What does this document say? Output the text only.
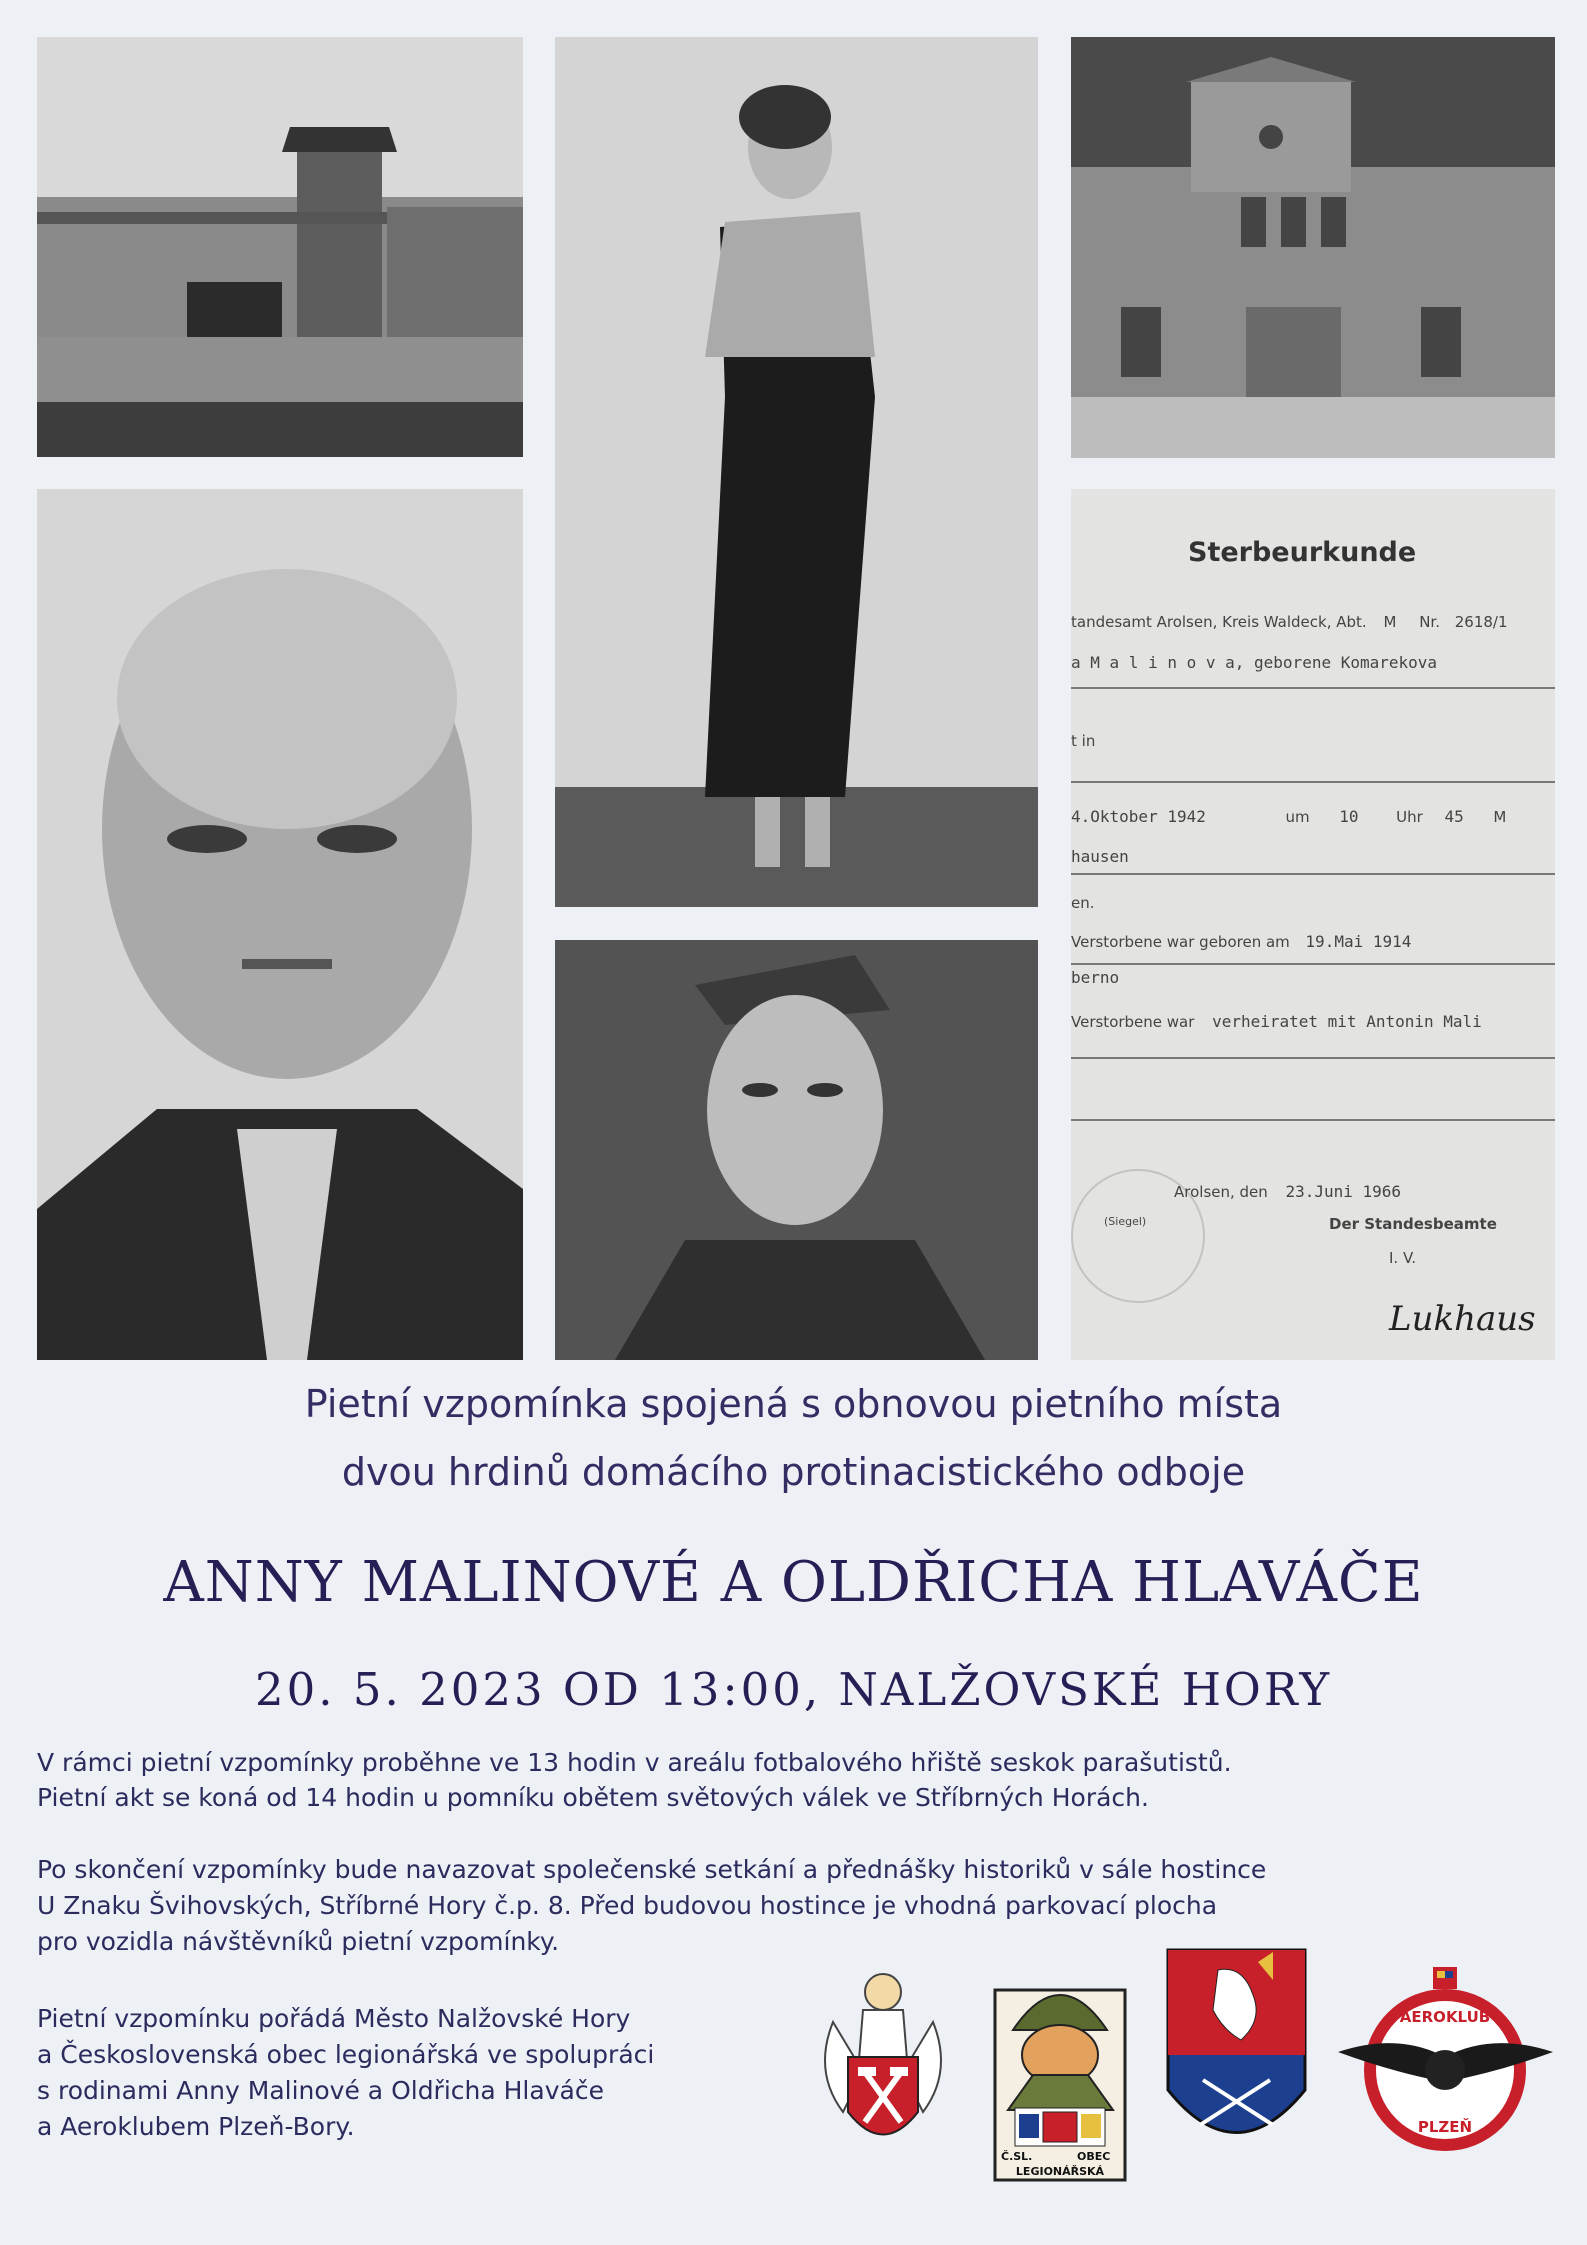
Sterbeurkunde
tandesamt Arolsen, Kreis Waldeck, Abt. M Nr. 2618/1
a M a l i n o v a, geborene Komarekova
t in
4.Oktober 1942	um 10	Uhr 45 M
hausen
en.
Verstorbene war geboren am 19.Mai 1914
berno
Verstorbene war verheiratet mit Antonin Mali
Arolsen, den 23.Juni 1966
(Siegel)	Der Standesbeamte
I. V.
Lukhaus
Pietní vzpomínka spojená s obnovou pietního místa
dvou hrdinů domácího protinacistického odboje
ANNY MALINOVÉ A OLDŘICHA HLAVÁČE
20. 5. 2023 OD 13:00, NALŽOVSKÉ HORY
V rámci pietní vzpomínky proběhne ve 13 hodin v areálu fotbalového hřiště seskok parašutistů.
Pietní akt se koná od 14 hodin u pomníku obětem světových válek ve Stříbrných Horách.
Po skončení vzpomínky bude navazovat společenské setkání a přednášky historiků v sále hostince
U Znaku Švihovských, Stříbrné Hory č.p. 8. Před budovou hostince je vhodná parkovací plocha
pro vozidla návštěvníků pietní vzpomínky.
Pietní vzpomínku pořádá Město Nalžovské Hory
a Československá obec legionářská ve spolupráci
s rodinami Anny Malinové a Oldřicha Hlaváče
a Aeroklubem Plzeň-Bory.
Č.SL.	OBEC
LEGIONÁŘSKÁ
AEROKLUB
PLZEŇ
